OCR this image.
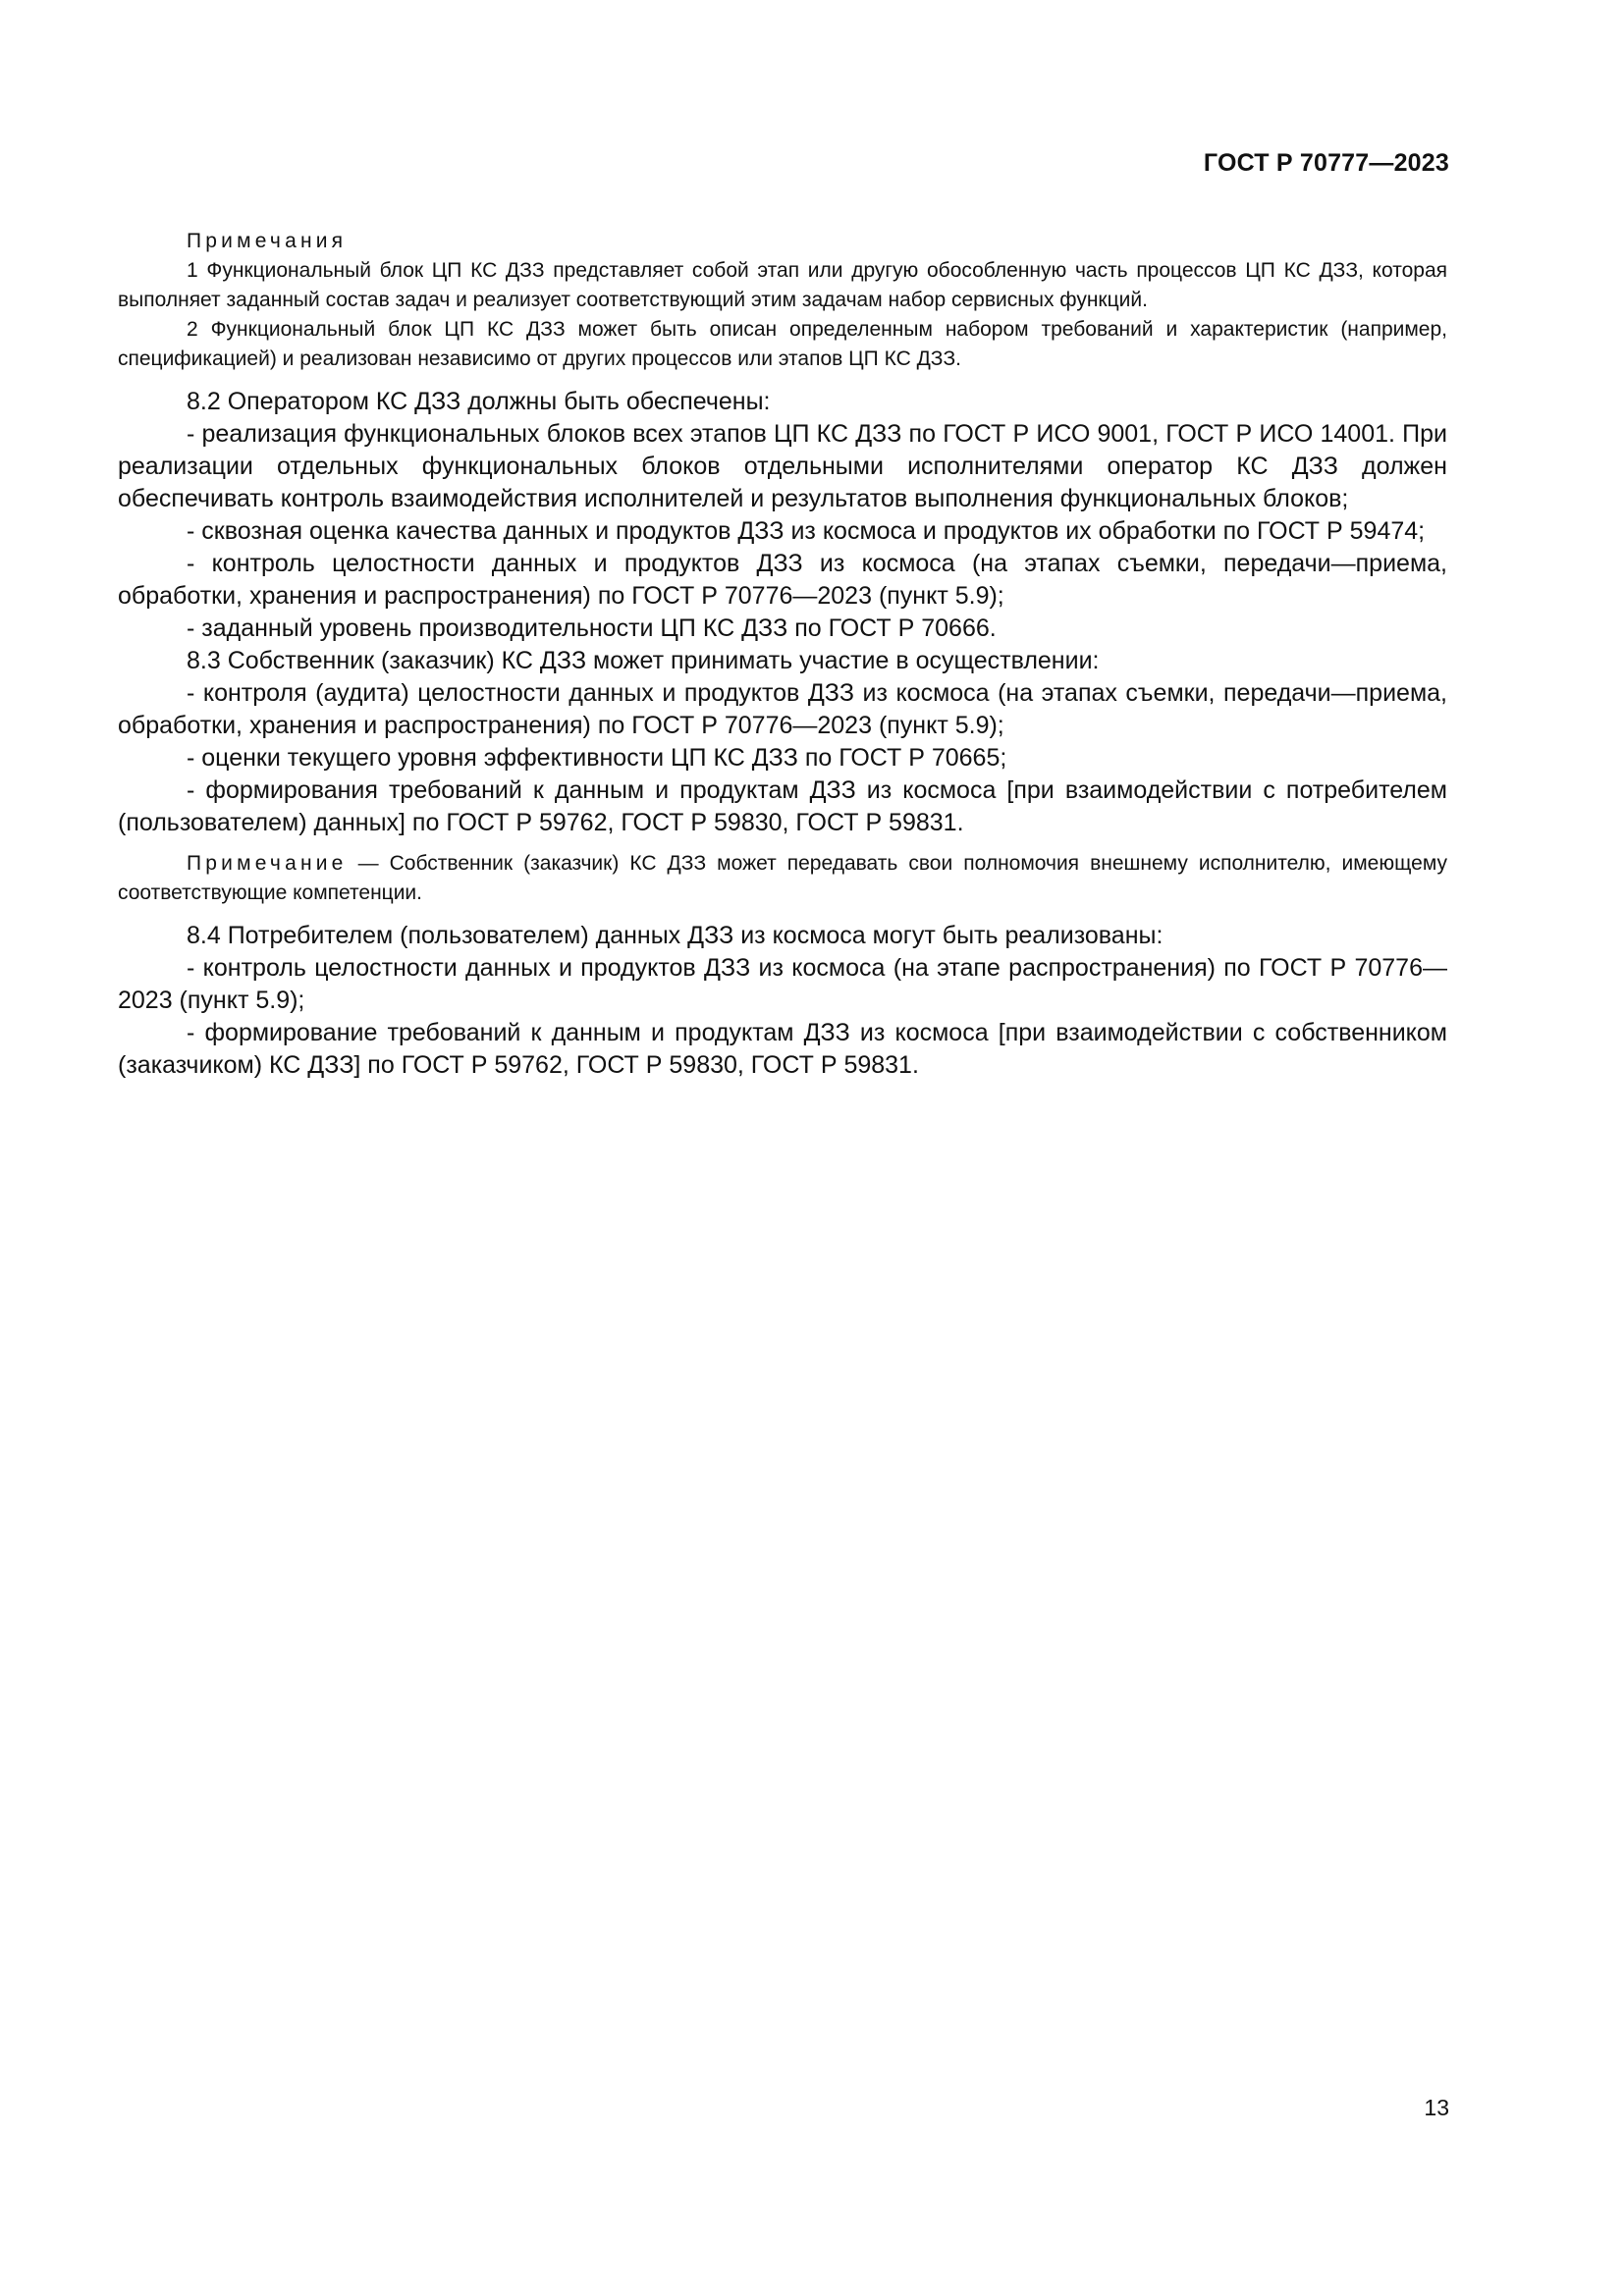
ГОСТ Р 70777—2023

Примечания

1 Функциональный блок ЦП КС ДЗЗ представляет собой этап или другую обособленную часть процессов ЦП КС ДЗЗ, которая выполняет заданный состав задач и реализует соответствующий этим задачам набор сервисных функций.

2 Функциональный блок ЦП КС ДЗЗ может быть описан определенным набором требований и характеристик (например, спецификацией) и реализован независимо от других процессов или этапов ЦП КС ДЗЗ.

8.2 Оператором КС ДЗЗ должны быть обеспечены:

- реализация функциональных блоков всех этапов ЦП КС ДЗЗ по ГОСТ Р ИСО 9001, ГОСТ Р ИСО 14001. При реализации отдельных функциональных блоков отдельными исполнителями оператор КС ДЗЗ должен обеспечивать контроль взаимодействия исполнителей и результатов выполнения функциональных блоков;

- сквозная оценка качества данных и продуктов ДЗЗ из космоса и продуктов их обработки по ГОСТ Р 59474;

- контроль целостности данных и продуктов ДЗЗ из космоса (на этапах съемки, передачи—приема, обработки, хранения и распространения) по ГОСТ Р 70776—2023 (пункт 5.9);

- заданный уровень производительности ЦП КС ДЗЗ по ГОСТ Р 70666.

8.3 Собственник (заказчик) КС ДЗЗ может принимать участие в осуществлении:

- контроля (аудита) целостности данных и продуктов ДЗЗ из космоса (на этапах съемки, передачи—приема, обработки, хранения и распространения) по ГОСТ Р 70776—2023 (пункт 5.9);

- оценки текущего уровня эффективности ЦП КС ДЗЗ по ГОСТ Р 70665;

- формирования требований к данным и продуктам ДЗЗ из космоса [при взаимодействии с потребителем (пользователем) данных] по ГОСТ Р 59762, ГОСТ Р 59830, ГОСТ Р 59831.

Примечание — Собственник (заказчик) КС ДЗЗ может передавать свои полномочия внешнему исполнителю, имеющему соответствующие компетенции.

8.4 Потребителем (пользователем) данных ДЗЗ из космоса могут быть реализованы:

- контроль целостности данных и продуктов ДЗЗ из космоса (на этапе распространения) по ГОСТ Р 70776—2023 (пункт 5.9);

- формирование требований к данным и продуктам ДЗЗ из космоса [при взаимодействии с собственником (заказчиком) КС ДЗЗ] по ГОСТ Р 59762, ГОСТ Р 59830, ГОСТ Р 59831.

13
